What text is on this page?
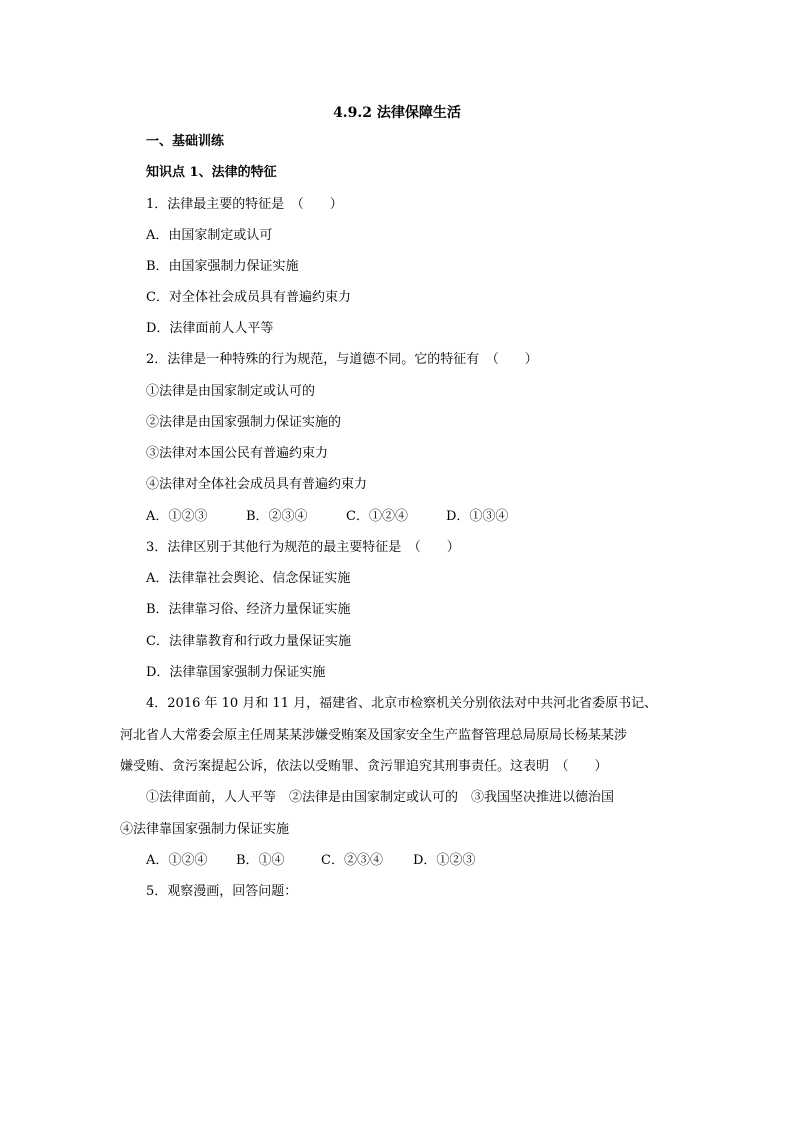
4.9.2 法律保障生活
一、基础训练
知识点 1、法律的特征
1．法律最主要的特征是　（　　）
A．由国家制定或认可
B．由国家强制力保证实施
C．对全体社会成员具有普遍约束力
D．法律面前人人平等
2．法律是一种特殊的行为规范，与道德不同。它的特征有　（　　）
①法律是由国家制定或认可的
②法律是由国家强制力保证实施的
③法律对本国公民有普遍约束力
④法律对全体社会成员具有普遍约束力
A．①②③	B．②③④	C．①②④	D．①③④
3．法律区别于其他行为规范的最主要特征是　（　　）
A．法律靠社会舆论、信念保证实施
B．法律靠习俗、经济力量保证实施
C．法律靠教育和行政力量保证实施
D．法律靠国家强制力保证实施
4．2016 年 10 月和 11 月，福建省、北京市检察机关分别依法对中共河北省委原书记、
河北省人大常委会原主任周某某涉嫌受贿案及国家安全生产监督管理总局原局长杨某某涉
嫌受贿、贪污案提起公诉，依法以受贿罪、贪污罪追究其刑事责任。这表明　（　　）
①法律面前，人人平等　②法律是由国家制定或认可的　③我国坚决推进以德治国
④法律靠国家强制力保证实施
A．①②④ B．①④	C．②③④ D．①②③
5．观察漫画，回答问题：
